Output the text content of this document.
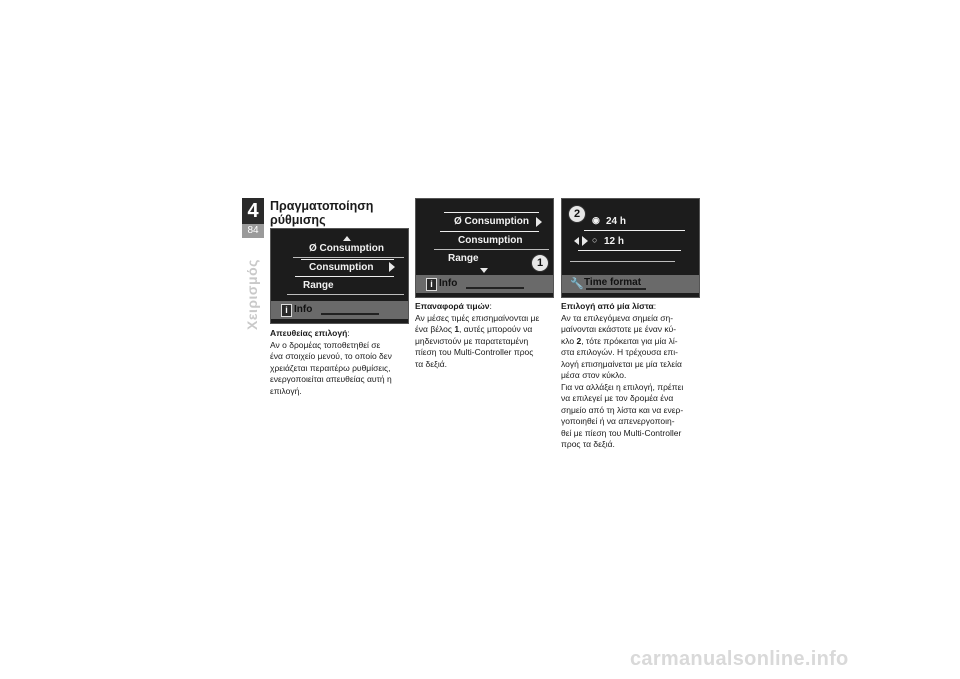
4
84
Χειρισμός
Πραγματοποίηση
ρύθμισης
Ø Consumption
Consumption
Range
i Info
Ø Consumption
Consumption
Range
i Info
1
2	◉ 24 h
○ 12 h
🔧 Time format

Απευθείας επιλογή:

Αν ο δρομέας τοποθετηθεί σε
ένα στοιχείο μενού, το οποίο δεν
χρειάζεται περαιτέρω ρυθμίσεις,
ενεργοποιείται απευθείας αυτή η
επιλογή.

Επαναφορά τιμών:

Αν μέσες τιμές επισημαίνονται με
ένα βέλος 1, αυτές μπορούν να
μηδενιστούν με παρατεταμένη
πίεση του Multi-Controller προς
τα δεξιά.

Επιλογή από μία λίστα:

Αν τα επιλεγόμενα σημεία ση-
μαίνονται εκάστοτε με έναν κύ-
κλο 2, τότε πρόκειται για μία λί-
στα επιλογών. Η τρέχουσα επι-
λογή επισημαίνεται με μία τελεία
μέσα στον κύκλο.
Για να αλλάξει η επιλογή, πρέπει
να επιλεγεί με τον δρομέα ένα
σημείο από τη λίστα και να ενερ-
γοποιηθεί ή να απενεργοποιη-
θεί με πίεση του Multi-Controller
προς τα δεξιά.
carmanualsonline.info
